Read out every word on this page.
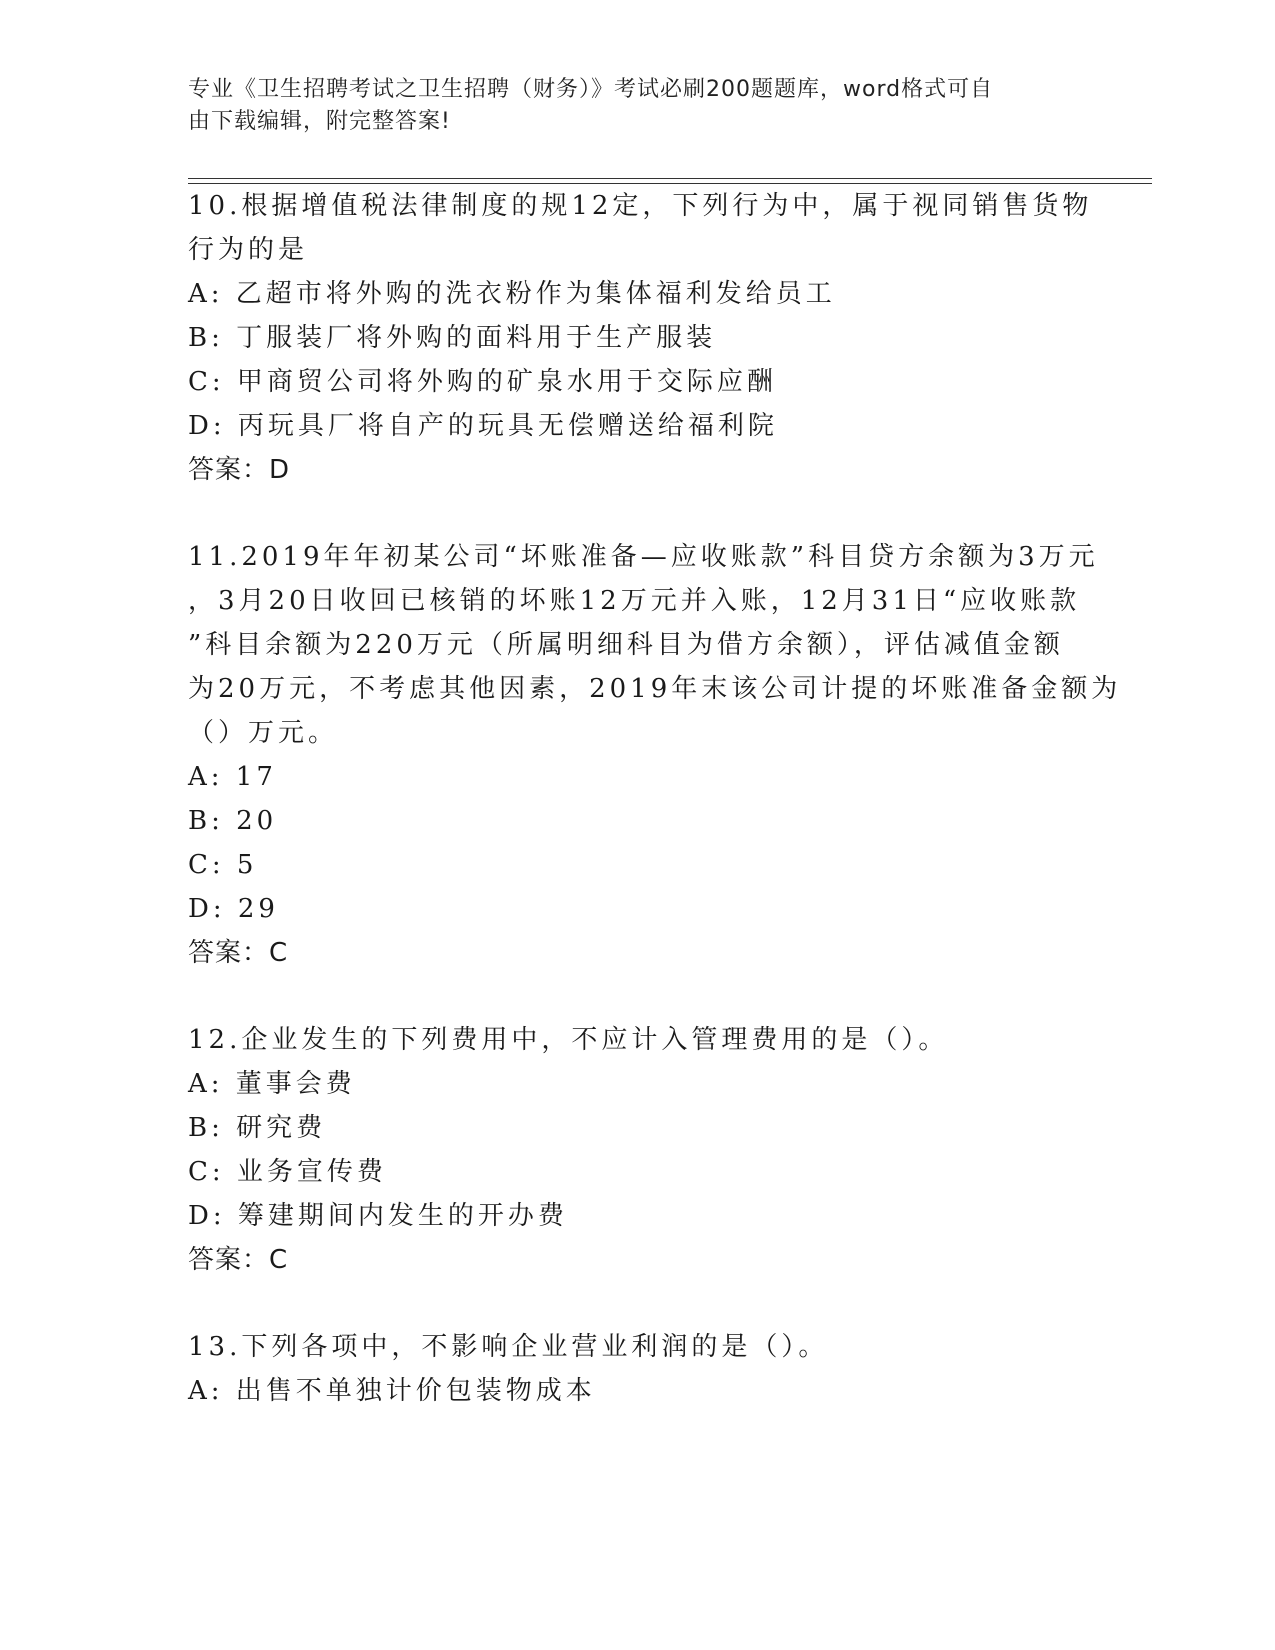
专业《卫生招聘考试之卫生招聘（财务）》考试必刷200题题库，word格式可自
由下载编辑，附完整答案!
10.根据增值税法律制度的规12定，下列行为中，属于视同销售货物
行为的是
A: 乙超市将外购的洗衣粉作为集体福利发给员工
B: 丁服装厂将外购的面料用于生产服装
C: 甲商贸公司将外购的矿泉水用于交际应酬
D: 丙玩具厂将自产的玩具无偿赠送给福利院
答案：D
11.2019年年初某公司“坏账准备—应收账款”科目贷方余额为3万元
，3月20日收回已核销的坏账12万元并入账，12月31日“应收账款
”科目余额为220万元（所属明细科目为借方余额），评估减值金额
为20万元，不考虑其他因素，2019年末该公司计提的坏账准备金额为
（）万元。
A: 17
B: 20
C: 5
D: 29
答案：C
12.企业发生的下列费用中，不应计入管理费用的是（）。
A: 董事会费
B: 研究费
C: 业务宣传费
D: 筹建期间内发生的开办费
答案：C
13.下列各项中，不影响企业营业利润的是（）。
A: 出售不单独计价包装物成本
